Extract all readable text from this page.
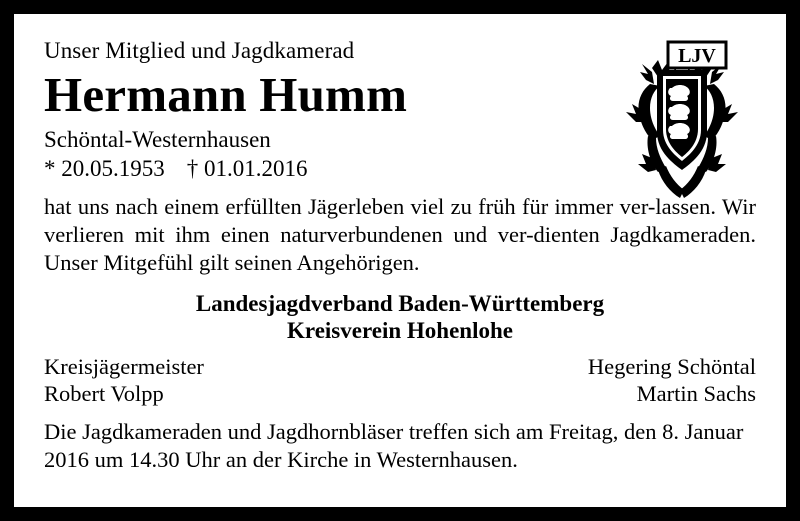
LJV

Unser Mitglied und Jagdkamerad

Hermann Humm

Schöntal-Westernhausen

* 20.05.1953 † 01.01.2016

hat uns nach einem erfüllten Jägerleben viel zu früh für immer ver-lassen. Wir verlieren mit ihm einen naturverbundenen und ver-dienten Jagdkameraden. Unser Mitgefühl gilt seinen Angehörigen.

Landesjagdverband Baden-Württemberg
Kreisverein Hohenlohe
Kreisjägermeister
Robert Volpp
Hegering Schöntal
Martin Sachs

Die Jagdkameraden und Jagdhornbläser treffen sich am Freitag, den 8. Januar 2016 um 14.30 Uhr an der Kirche in Westernhausen.
